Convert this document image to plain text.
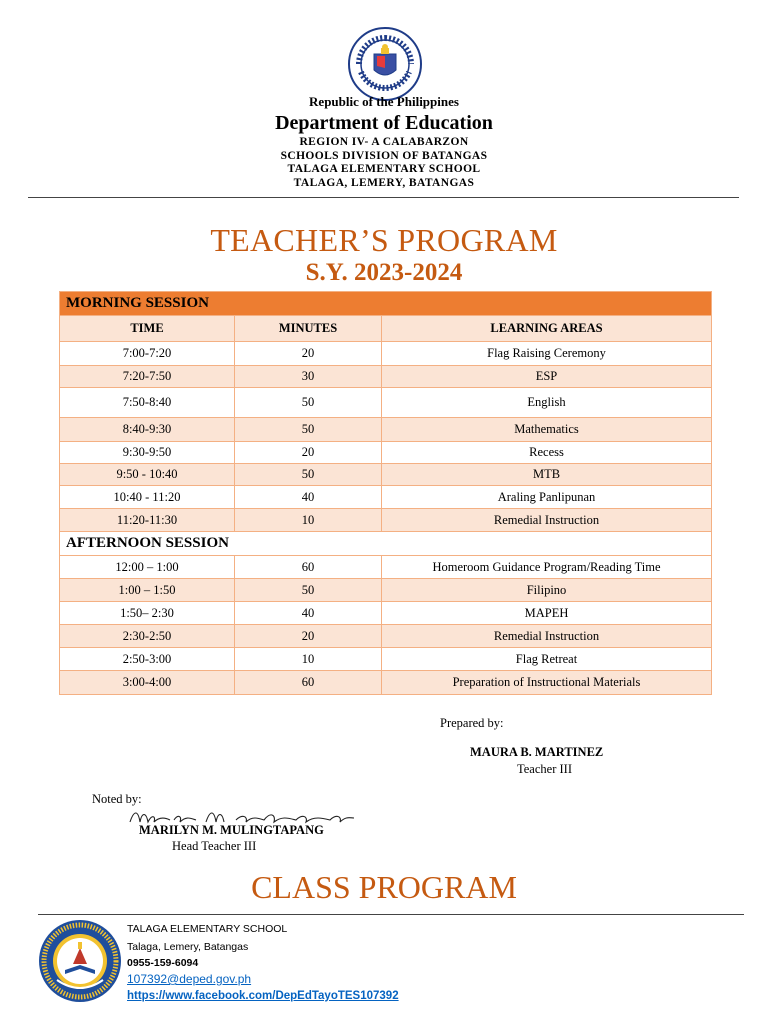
Republic of the Philippines
Department of Education
REGION IV- A CALABARZON
SCHOOLS DIVISION OF BATANGAS
TALAGA ELEMENTARY SCHOOL
TALAGA, LEMERY, BATANGAS
TEACHER’S PROGRAM
S.Y. 2023-2024
MORNING SESSION		
TIME	MINUTES	LEARNING AREAS
7:00-7:20	20	Flag Raising Ceremony
7:20-7:50	30	ESP
7:50-8:40	50	English
8:40-9:30	50	Mathematics
9:30-9:50	20	Recess
9:50 - 10:40	50	MTB
10:40 - 11:20	40	Araling Panlipunan
11:20-11:30	10	Remedial Instruction
AFTERNOON SESSION		
12:00 – 1:00	60	Homeroom Guidance Program/Reading Time
1:00 – 1:50	50	Filipino
1:50– 2:30	40	MAPEH
2:30-2:50	20	Remedial Instruction
2:50-3:00	10	Flag Retreat
3:00-4:00	60	Preparation of Instructional Materials
Prepared by:
MAURA B. MARTINEZ
Teacher III
Noted by:
MARILYN M. MULINGTAPANG
Head Teacher III
CLASS PROGRAM
TALAGA ELEMENTARY SCHOOL
Talaga, Lemery, Batangas
0955-159-6094
107392@deped.gov.ph
https://www.facebook.com/DepEdTayoTES107392
